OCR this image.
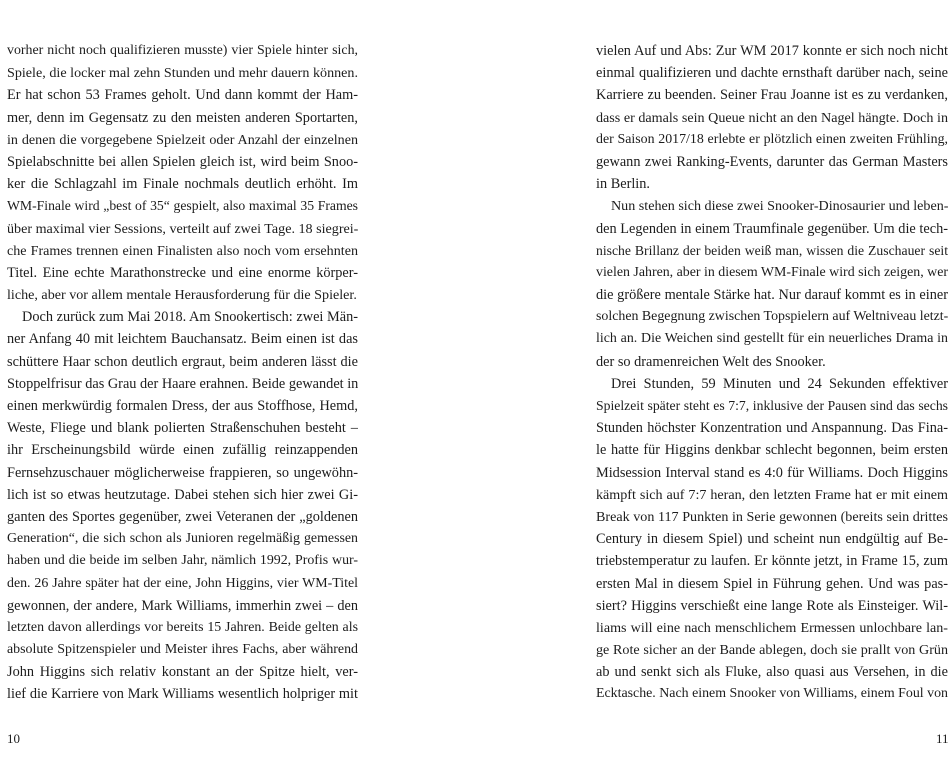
vorher nicht noch qualifizieren musste) vier Spiele hinter sich,
Spiele, die locker mal zehn Stunden und mehr dauern können.
Er hat schon 53 Frames geholt. Und dann kommt der Ham-
mer, denn im Gegensatz zu den meisten anderen Sportarten,
in denen die vorgegebene Spielzeit oder Anzahl der einzelnen
Spielabschnitte bei allen Spielen gleich ist, wird beim Snoo-
ker die Schlagzahl im Finale nochmals deutlich erhöht. Im
WM-Finale wird „best of 35“ gespielt, also maximal 35 Frames
über maximal vier Sessions, verteilt auf zwei Tage. 18 siegrei-
che Frames trennen einen Finalisten also noch vom ersehnten
Titel. Eine echte Marathonstrecke und eine enorme körper-
liche, aber vor allem mentale Herausforderung für die Spieler.
Doch zurück zum Mai 2018. Am Snookertisch: zwei Män-
ner Anfang 40 mit leichtem Bauchansatz. Beim einen ist das
schüttere Haar schon deutlich ergraut, beim anderen lässt die
Stoppelfrisur das Grau der Haare erahnen. Beide gewandet in
einen merkwürdig formalen Dress, der aus Stoffhose, Hemd,
Weste, Fliege und blank polierten Straßenschuhen besteht –
ihr Erscheinungsbild würde einen zufällig reinzappenden
Fernsehzuschauer möglicherweise frappieren, so ungewöhn-
lich ist so etwas heutzutage. Dabei stehen sich hier zwei Gi-
ganten des Sportes gegenüber, zwei Veteranen der „goldenen
Generation“, die sich schon als Junioren regelmäßig gemessen
haben und die beide im selben Jahr, nämlich 1992, Profis wur-
den. 26 Jahre später hat der eine, John Higgins, vier WM-Titel
gewonnen, der andere, Mark Williams, immerhin zwei – den
letzten davon allerdings vor bereits 15 Jahren. Beide gelten als
absolute Spitzenspieler und Meister ihres Fachs, aber während
John Higgins sich relativ konstant an der Spitze hielt, ver-
lief die Karriere von Mark Williams wesentlich holpriger mit
10
vielen Auf und Abs: Zur WM 2017 konnte er sich noch nicht
einmal qualifizieren und dachte ernsthaft darüber nach, seine
Karriere zu beenden. Seiner Frau Joanne ist es zu verdanken,
dass er damals sein Queue nicht an den Nagel hängte. Doch in
der Saison 2017/18 erlebte er plötzlich einen zweiten Frühling,
gewann zwei Ranking-Events, darunter das German Masters
in Berlin.
Nun stehen sich diese zwei Snooker-Dinosaurier und leben-
den Legenden in einem Traumfinale gegenüber. Um die tech-
nische Brillanz der beiden weiß man, wissen die Zuschauer seit
vielen Jahren, aber in diesem WM-Finale wird sich zeigen, wer
die größere mentale Stärke hat. Nur darauf kommt es in einer
solchen Begegnung zwischen Topspielern auf Weltniveau letzt-
lich an. Die Weichen sind gestellt für ein neuerliches Drama in
der so dramenreichen Welt des Snooker.
Drei Stunden, 59 Minuten und 24 Sekunden effektiver
Spielzeit später steht es 7:7, inklusive der Pausen sind das sechs
Stunden höchster Konzentration und Anspannung. Das Fina-
le hatte für Higgins denkbar schlecht begonnen, beim ersten
Midsession Interval stand es 4:0 für Williams. Doch Higgins
kämpft sich auf 7:7 heran, den letzten Frame hat er mit einem
Break von 117 Punkten in Serie gewonnen (bereits sein drittes
Century in diesem Spiel) und scheint nun endgültig auf Be-
triebstemperatur zu laufen. Er könnte jetzt, in Frame 15, zum
ersten Mal in diesem Spiel in Führung gehen. Und was pas-
siert? Higgins verschießt eine lange Rote als Einsteiger. Wil-
liams will eine nach menschlichem Ermessen unlochbare lan-
ge Rote sicher an der Bande ablegen, doch sie prallt von Grün
ab und senkt sich als Fluke, also quasi aus Versehen, in die
Ecktasche. Nach einem Snooker von Williams, einem Foul von
11
